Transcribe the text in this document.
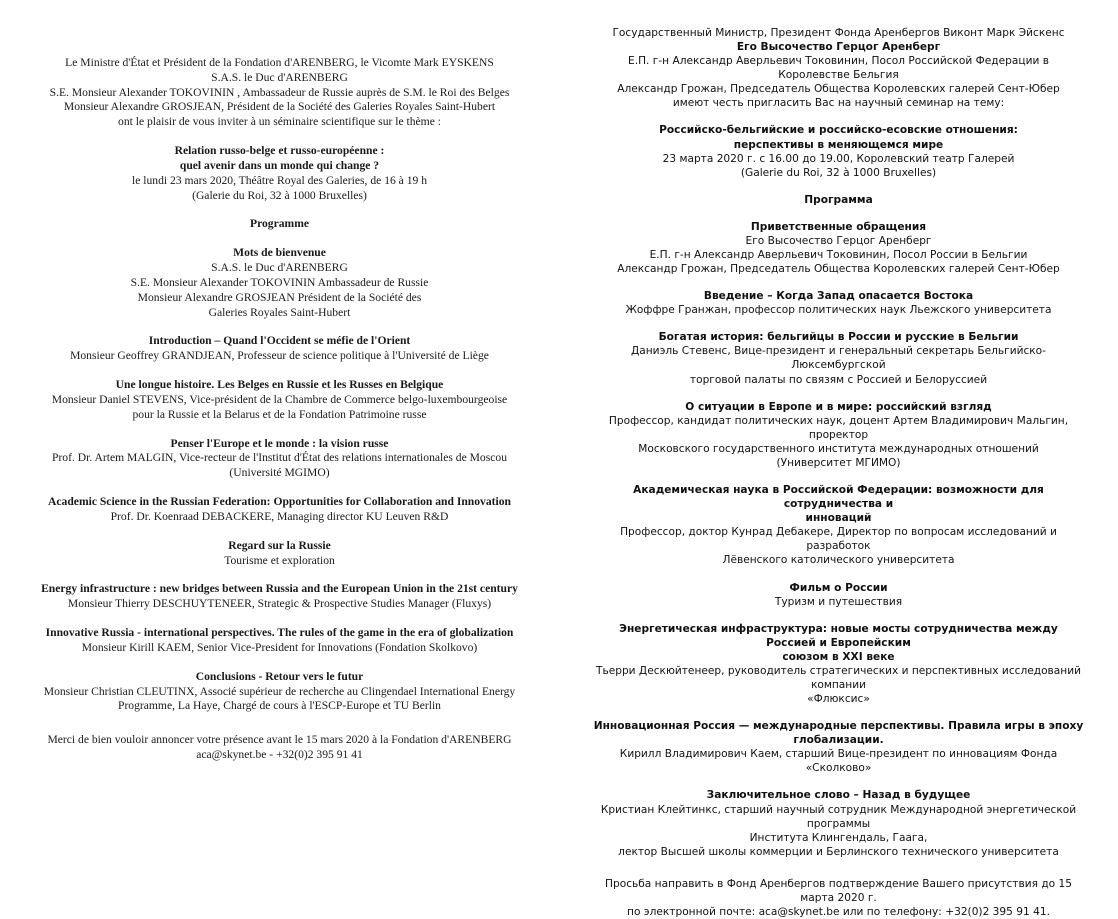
Le Ministre d'État et Président de la Fondation d'ARENBERG, le Vicomte Mark EYSKENS
S.A.S. le Duc d'ARENBERG
S.E. Monsieur Alexander TOKOVININ , Ambassadeur de Russie auprès de S.M. le Roi des Belges
Monsieur Alexandre GROSJEAN, Président de la Société des Galeries Royales Saint-Hubert
ont le plaisir de vous inviter à un séminaire scientifique sur le thème :
Relation russo-belge et russo-européenne :
quel avenir dans un monde qui change ?
le lundi 23 mars 2020, Théâtre Royal des Galeries, de 16 à 19 h
(Galerie du Roi, 32 à 1000 Bruxelles)
Programme
Mots de bienvenue
S.A.S. le Duc d'ARENBERG
S.E. Monsieur Alexander TOKOVININ Ambassadeur de Russie
Monsieur Alexandre GROSJEAN Président de la Société des
Galeries Royales Saint-Hubert
Introduction – Quand l'Occident se méfie de l'Orient
Monsieur Geoffrey GRANDJEAN, Professeur de science politique à l'Université de Liège
Une longue histoire. Les Belges en Russie et les Russes en Belgique
Monsieur Daniel STEVENS, Vice-président de la Chambre de Commerce belgo-luxembourgeoise
pour la Russie et la Belarus et de la Fondation Patrimoine russe
Penser l'Europe et le monde : la vision russe
Prof. Dr. Artem MALGIN, Vice-recteur de l'Institut d'État des relations internationales de Moscou
(Université MGIMO)
Academic Science in the Russian Federation: Opportunities for Collaboration and Innovation
Prof. Dr. Koenraad DEBACKERE, Managing director KU Leuven R&D
Regard sur la Russie
Tourisme et exploration
Energy infrastructure : new bridges between Russia and the European Union in the 21st century
Monsieur Thierry DESCHUYTENEER, Strategic & Prospective Studies Manager (Fluxys)
Innovative Russia - international perspectives. The rules of the game in the era of globalization
Monsieur Kirill KAEM, Senior Vice-President for Innovations (Fondation Skolkovo)
Conclusions - Retour vers le futur
Monsieur Christian CLEUTINX, Associé supérieur de recherche au Clingendael International Energy
Programme, La Haye, Chargé de cours à l'ESCP-Europe et TU Berlin
Merci de bien vouloir annoncer votre présence avant le 15 mars 2020 à la Fondation d'ARENBERG
aca@skynet.be - +32(0)2 395 91 41
Государственный Министр, Президент Фонда Аренбергов Виконт Марк Эйскенс
Его Высочество Герцог Аренберг
Е.П. г-н Александр Аверльевич Токовинин, Посол Российской Федерации в Королевстве Бельгия
Александр Грожан, Председатель Общества Королевских галерей Сент-Юбер
имеют честь пригласить Вас на научный семинар на тему:
Российско-бельгийские и российско-есовские отношения:
перспективы в меняющемся мире
23 марта 2020 г. с 16.00 до 19.00, Королевский театр Галерей
(Galerie du Roi, 32 à 1000 Bruxelles)
Программа
Приветственные обращения
Его Высочество Герцог Аренберг
Е.П. г-н Александр Аверльевич Токовинин, Посол России в Бельгии
Александр Грожан, Председатель Общества Королевских галерей Сент-Юбер
Введение – Когда Запад опасается Востока
Жоффре Гранжан, профессор политических наук Льежского университета
Богатая история: бельгийцы в России и русские в Бельгии
Даниэль Стевенс, Вице-президент и генеральный секретарь Бельгийско-Люксембургской
торговой палаты по связям с Россией и Белоруссией
О ситуации в Европе и в мире: российский взгляд
Профессор, кандидат политических наук, доцент Артем Владимирович Мальгин, проректор
Московского государственного института международных отношений
(Университет МГИМО)
Академическая наука в Российской Федерации: возможности для сотрудничества и
инноваций
Профессор, доктор Кунрад Дебакере, Директор по вопросам исследований и разработок
Лёвенского католического университета
Фильм о России
Туризм и путешествия
Энергетическая инфраструктура: новые мосты сотрудничества между Россией и Европейским
союзом в XXI веке
Тьерри Дескюйтенеер, руководитель стратегических и перспективных исследований компании
«Флюксис»
Инновационная Россия — международные перспективы. Правила игры в эпоху глобализации.
Кирилл Владимирович Каем, старший Вице-президент по инновациям Фонда «Сколково»
Заключительное слово – Назад в будущее
Кристиан Клейтинкс, старший научный сотрудник Международной энергетической программы
Института Клингендаль, Гаага,
лектор Высшей школы коммерции и Берлинского технического университета
Просьба направить в Фонд Аренбергов подтверждение Вашего присутствия до 15 марта 2020 г.
по электронной почте: aca@skynet.be или по телефону: +32(0)2 395 91 41.
